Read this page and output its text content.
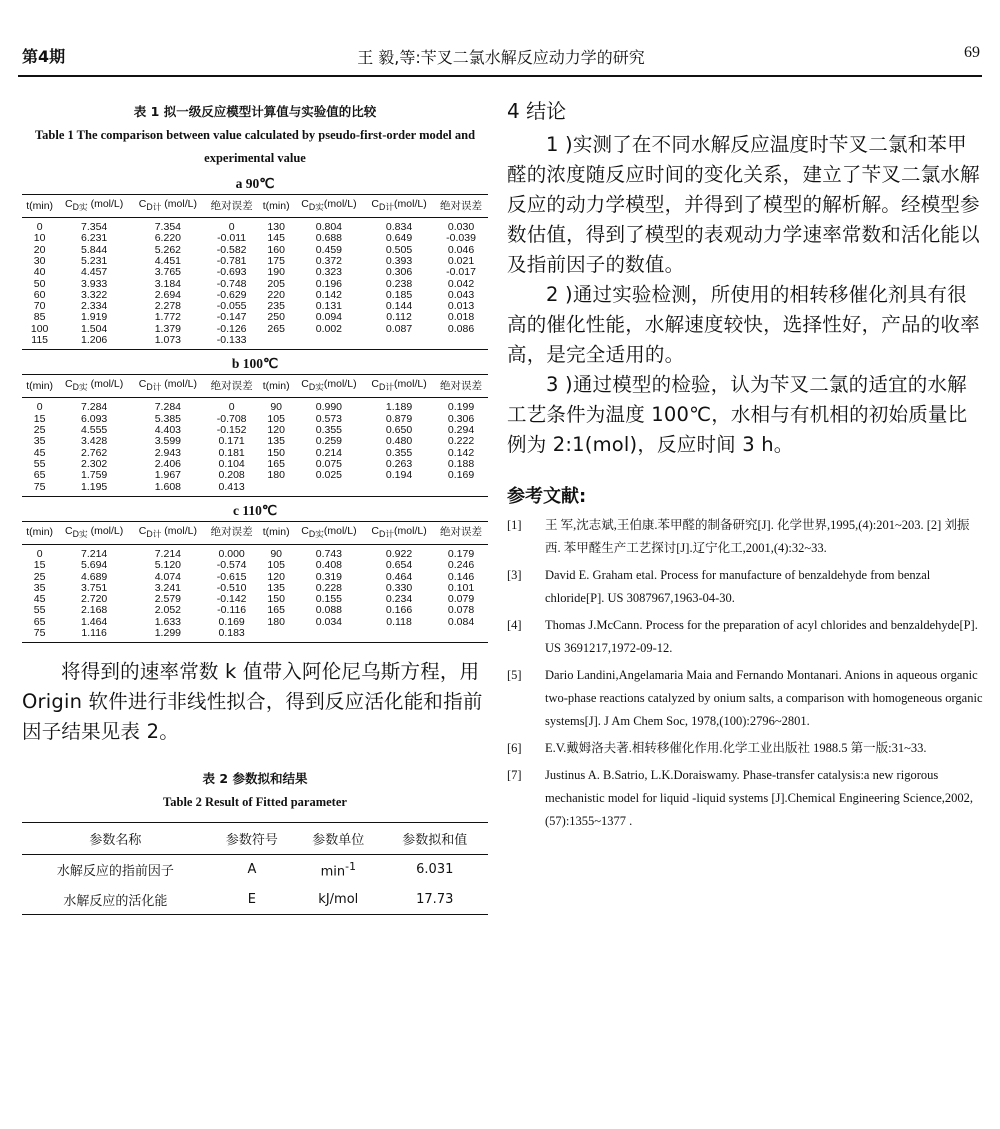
第4期	王 毅,等:苄叉二氯水解反应动力学的研究	69
表 1 拟一级反应模型计算值与实验值的比较
Table 1 The comparison between value calculated by pseudo-first-order model and experimental value
a 90℃
t(min)	$C_{D实}$ (mol/L)	$C_{D计}$ (mol/L)	绝对误差	t(min)	$C_{D实}(mol/L)$	$C_{D计}(mol/L)$	绝对误差
0	7.354	7.354	0	130	0.804	0.834	0.030
10	6.231	6.220	-0.011	145	0.688	0.649	-0.039
20	5.844	5.262	-0.582	160	0.459	0.505	0.046
30	5.231	4.451	-0.781	175	0.372	0.393	0.021
40	4.457	3.765	-0.693	190	0.323	0.306	-0.017
50	3.933	3.184	-0.748	205	0.196	0.238	0.042
60	3.322	2.694	-0.629	220	0.142	0.185	0.043
70	2.334	2.278	-0.055	235	0.131	0.144	0.013
85	1.919	1.772	-0.147	250	0.094	0.112	0.018
100	1.504	1.379	-0.126	265	0.002	0.087	0.086
115	1.206	1.073	-0.133				
b 100℃
t(min)	$C_{D实}$ (mol/L)	$C_{D计}$ (mol/L)	绝对误差	t(min)	$C_{D实}(mol/L)$	$C_{D计}(mol/L)$	绝对误差
0	7.284	7.284	0	90	0.990	1.189	0.199
15	6.093	5.385	-0.708	105	0.573	0.879	0.306
25	4.555	4.403	-0.152	120	0.355	0.650	0.294
35	3.428	3.599	0.171	135	0.259	0.480	0.222
45	2.762	2.943	0.181	150	0.214	0.355	0.142
55	2.302	2.406	0.104	165	0.075	0.263	0.188
65	1.759	1.967	0.208	180	0.025	0.194	0.169
75	1.195	1.608	0.413				
c 110℃
t(min)	$C_{D实}$ (mol/L)	$C_{D计}$ (mol/L)	绝对误差	t(min)	$C_{D实}(mol/L)$	$C_{D计}(mol/L)$	绝对误差
0	7.214	7.214	0.000	90	0.743	0.922	0.179
15	5.694	5.120	-0.574	105	0.408	0.654	0.246
25	4.689	4.074	-0.615	120	0.319	0.464	0.146
35	3.751	3.241	-0.510	135	0.228	0.330	0.101
45	2.720	2.579	-0.142	150	0.155	0.234	0.079
55	2.168	2.052	-0.116	165	0.088	0.166	0.078
65	1.464	1.633	0.169	180	0.034	0.118	0.084
75	1.116	1.299	0.183				

将得到的速率常数 k 值带入阿伦尼乌斯方程，用 Origin 软件进行非线性拟合，得到反应活化能和指前因子结果见表 2。

表 2 参数拟和结果
Table 2 Result of Fitted parameter
参数名称	参数符号	参数单位	参数拟和值
水解反应的指前因子	A	$\min^{-1}$	6.031
水解反应的活化能	E	kJ/mol	17.73
4 结论

1 )实测了在不同水解反应温度时苄叉二氯和苯甲醛的浓度随反应时间的变化关系，建立了苄叉二氯水解反应的动力学模型，并得到了模型的解析解。经模型参数估值，得到了模型的表观动力学速率常数和活化能以及指前因子的数值。

2 )通过实验检测，所使用的相转移催化剂具有很高的催化性能，水解速度较快，选择性好，产品的收率高，是完全适用的。

3 )通过模型的检验，认为苄叉二氯的适宜的水解工艺条件为温度 100℃，水相与有机相的初始质量比例为 2:1(mol)，反应时间 3 h。

参考文献:
[1]	王 军,沈志斌,王伯康.苯甲醛的制备研究[J]. 化学世界,1995,(4):201~203. [2] 刘振西. 苯甲醛生产工艺探讨[J].辽宁化工,2001,(4):32~33.
[3]	David E. Graham etal. Process for manufacture of benzaldehyde from benzal chloride[P]. US 3087967,1963-04-30.
[4]	Thomas J.McCann. Process for the preparation of acyl chlorides and benzaldehyde[P]. US 3691217,1972-09-12.
[5]	Dario Landini,Angelamaria Maia and Fernando Montanari. Anions in aqueous organic two-phase reactions catalyzed by onium salts, a comparison with homogeneous organic systems[J]. J Am Chem Soc, 1978,(100):2796~2801.
[6]	E.V.戴姆洛夫著.相转移催化作用.化学工业出版社 1988.5 第一版:31~33.
[7]	Justinus A. B.Satrio, L.K.Doraiswamy. Phase-transfer catalysis:a new rigorous mechanistic model for liquid -liquid systems [J].Chemical Engineering Science,2002,(57):1355~1377 .
